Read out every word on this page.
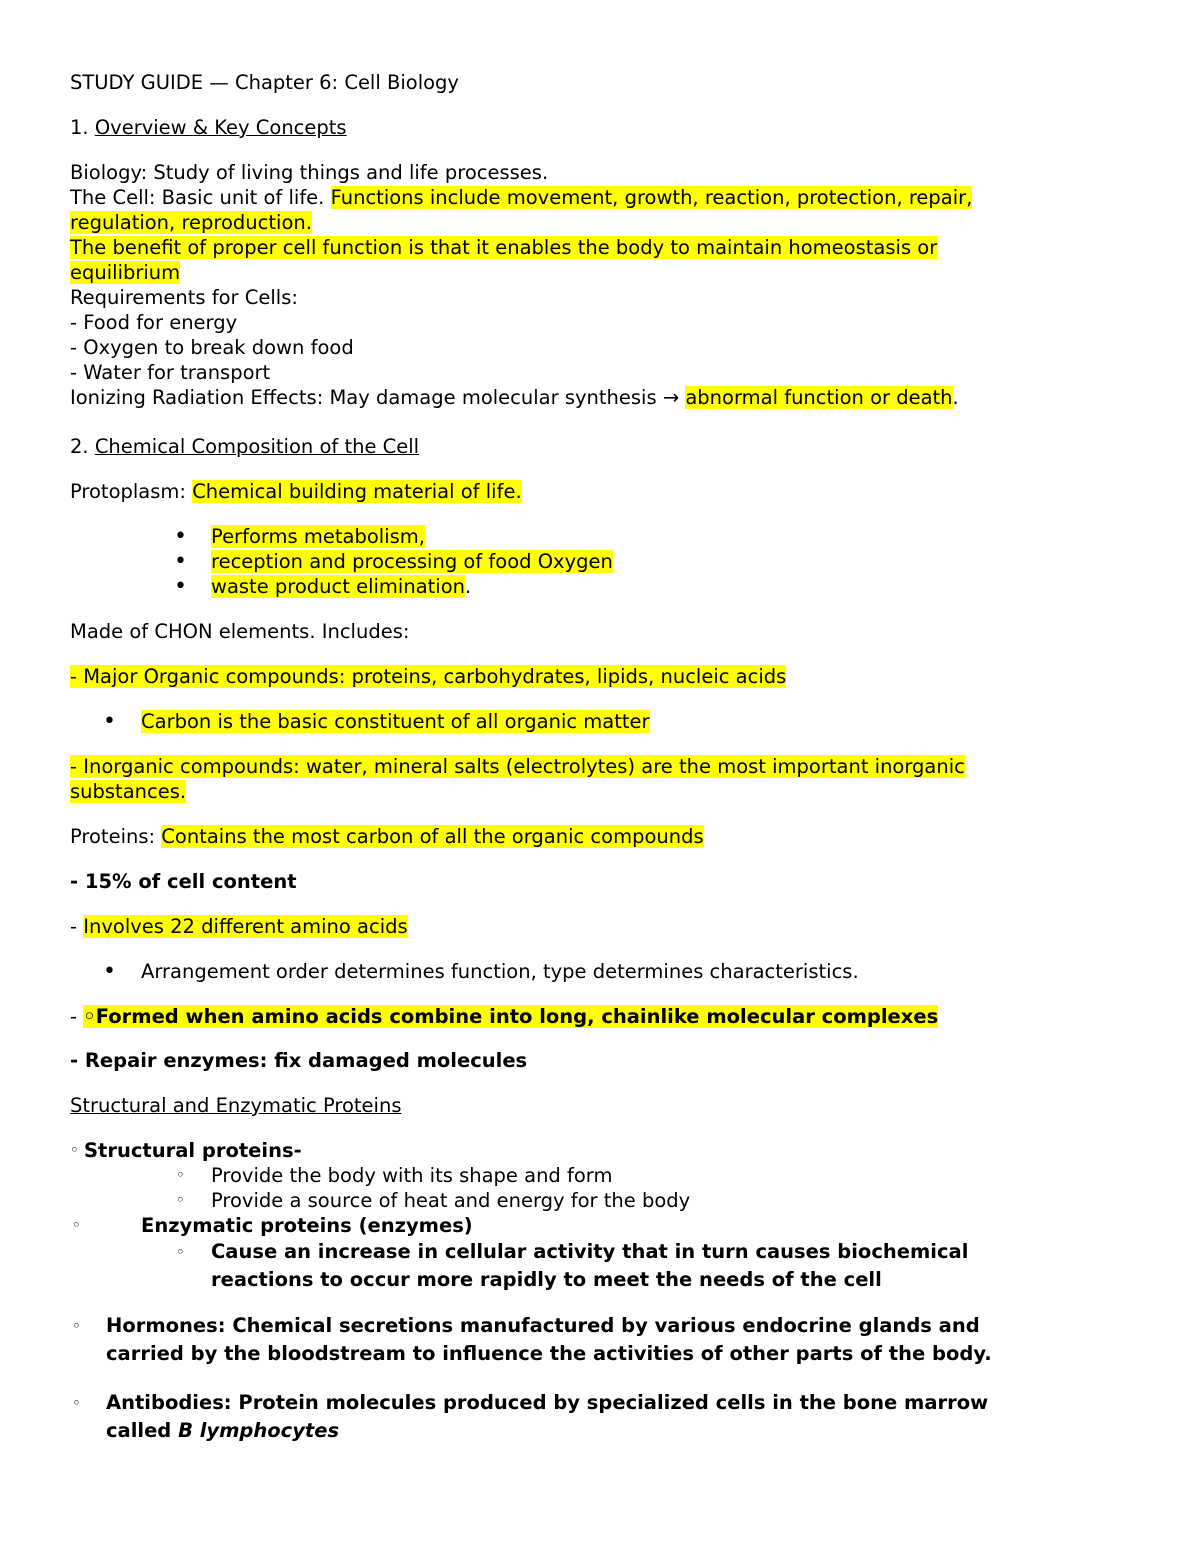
STUDY GUIDE — Chapter 6: Cell Biology

1. Overview & Key Concepts

Biology: Study of living things and life processes.

The Cell: Basic unit of life. Functions include movement, growth, reaction, protection, repair,

regulation, reproduction.

The benefit of proper cell function is that it enables the body to maintain homeostasis or

equilibrium

Requirements for Cells:

- Food for energy

- Oxygen to break down food

- Water for transport

Ionizing Radiation Effects: May damage molecular synthesis → abnormal function or death.

2. Chemical Composition of the Cell

Protoplasm: Chemical building material of life.

• Performs metabolism,
• reception and processing of food Oxygen
• waste product elimination.

Made of CHON elements. Includes:

- Major Organic compounds: proteins, carbohydrates, lipids, nucleic acids

• Carbon is the basic constituent of all organic matter

- Inorganic compounds: water, mineral salts (electrolytes) are the most important inorganic

substances.

Proteins: Contains the most carbon of all the organic compounds

- 15% of cell content

- Involves 22 different amino acids

• Arrangement order determines function, type determines characteristics.

- ◦Formed when amino acids combine into long, chainlike molecular complexes

- Repair enzymes: fix damaged molecules

Structural and Enzymatic Proteins

◦ Structural proteins-
◦ Provide the body with its shape and form
◦ Provide a source of heat and energy for the body
◦	Enzymatic proteins (enzymes)
◦ Cause an increase in cellular activity that in turn causes biochemical
reactions to occur more rapidly to meet the needs of the cell
◦ Hormones: Chemical secretions manufactured by various endocrine glands and
carried by the bloodstream to influence the activities of other parts of the body.
◦ Antibodies: Protein molecules produced by specialized cells in the bone marrow
called B lymphocytes
